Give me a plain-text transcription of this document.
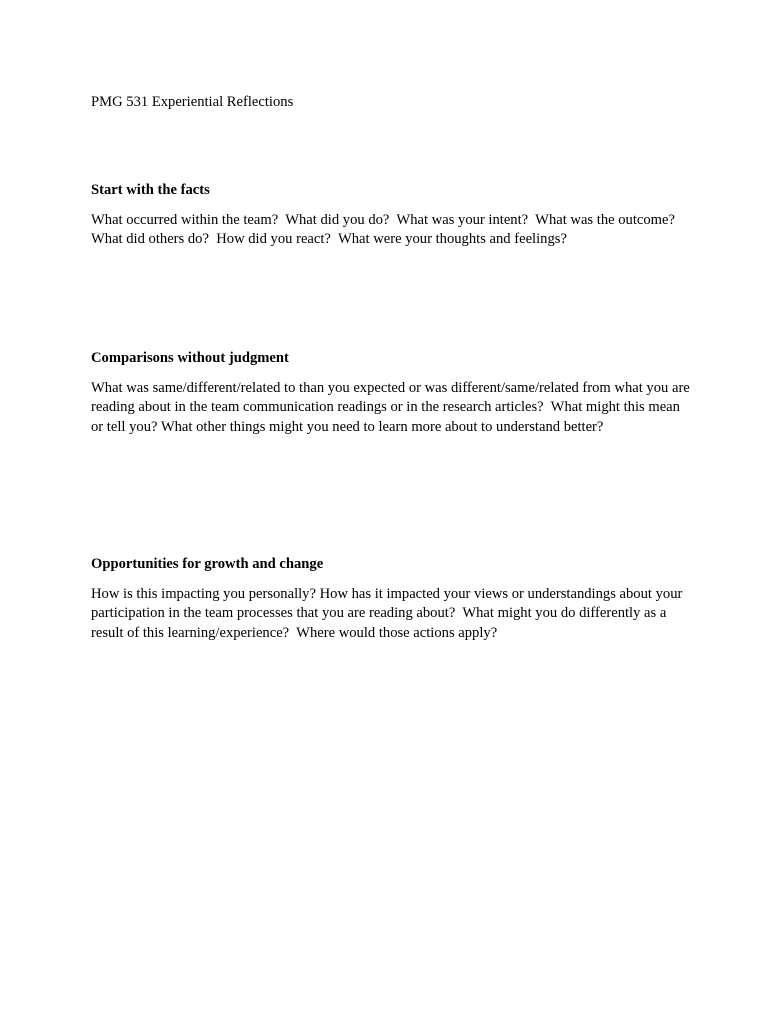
PMG 531 Experiential Reflections

Start with the facts

What occurred within the team?  What did you do?  What was your intent?  What was the outcome?  What did others do?  How did you react?  What were your thoughts and feelings?

Comparisons without judgment

What was same/different/related to than you expected or was different/same/related from what you are reading about in the team communication readings or in the research articles?  What might this mean or tell you? What other things might you need to learn more about to understand better?

Opportunities for growth and change

How is this impacting you personally? How has it impacted your views or understandings about your participation in the team processes that you are reading about?  What might you do differently as a result of this learning/experience?  Where would those actions apply?
